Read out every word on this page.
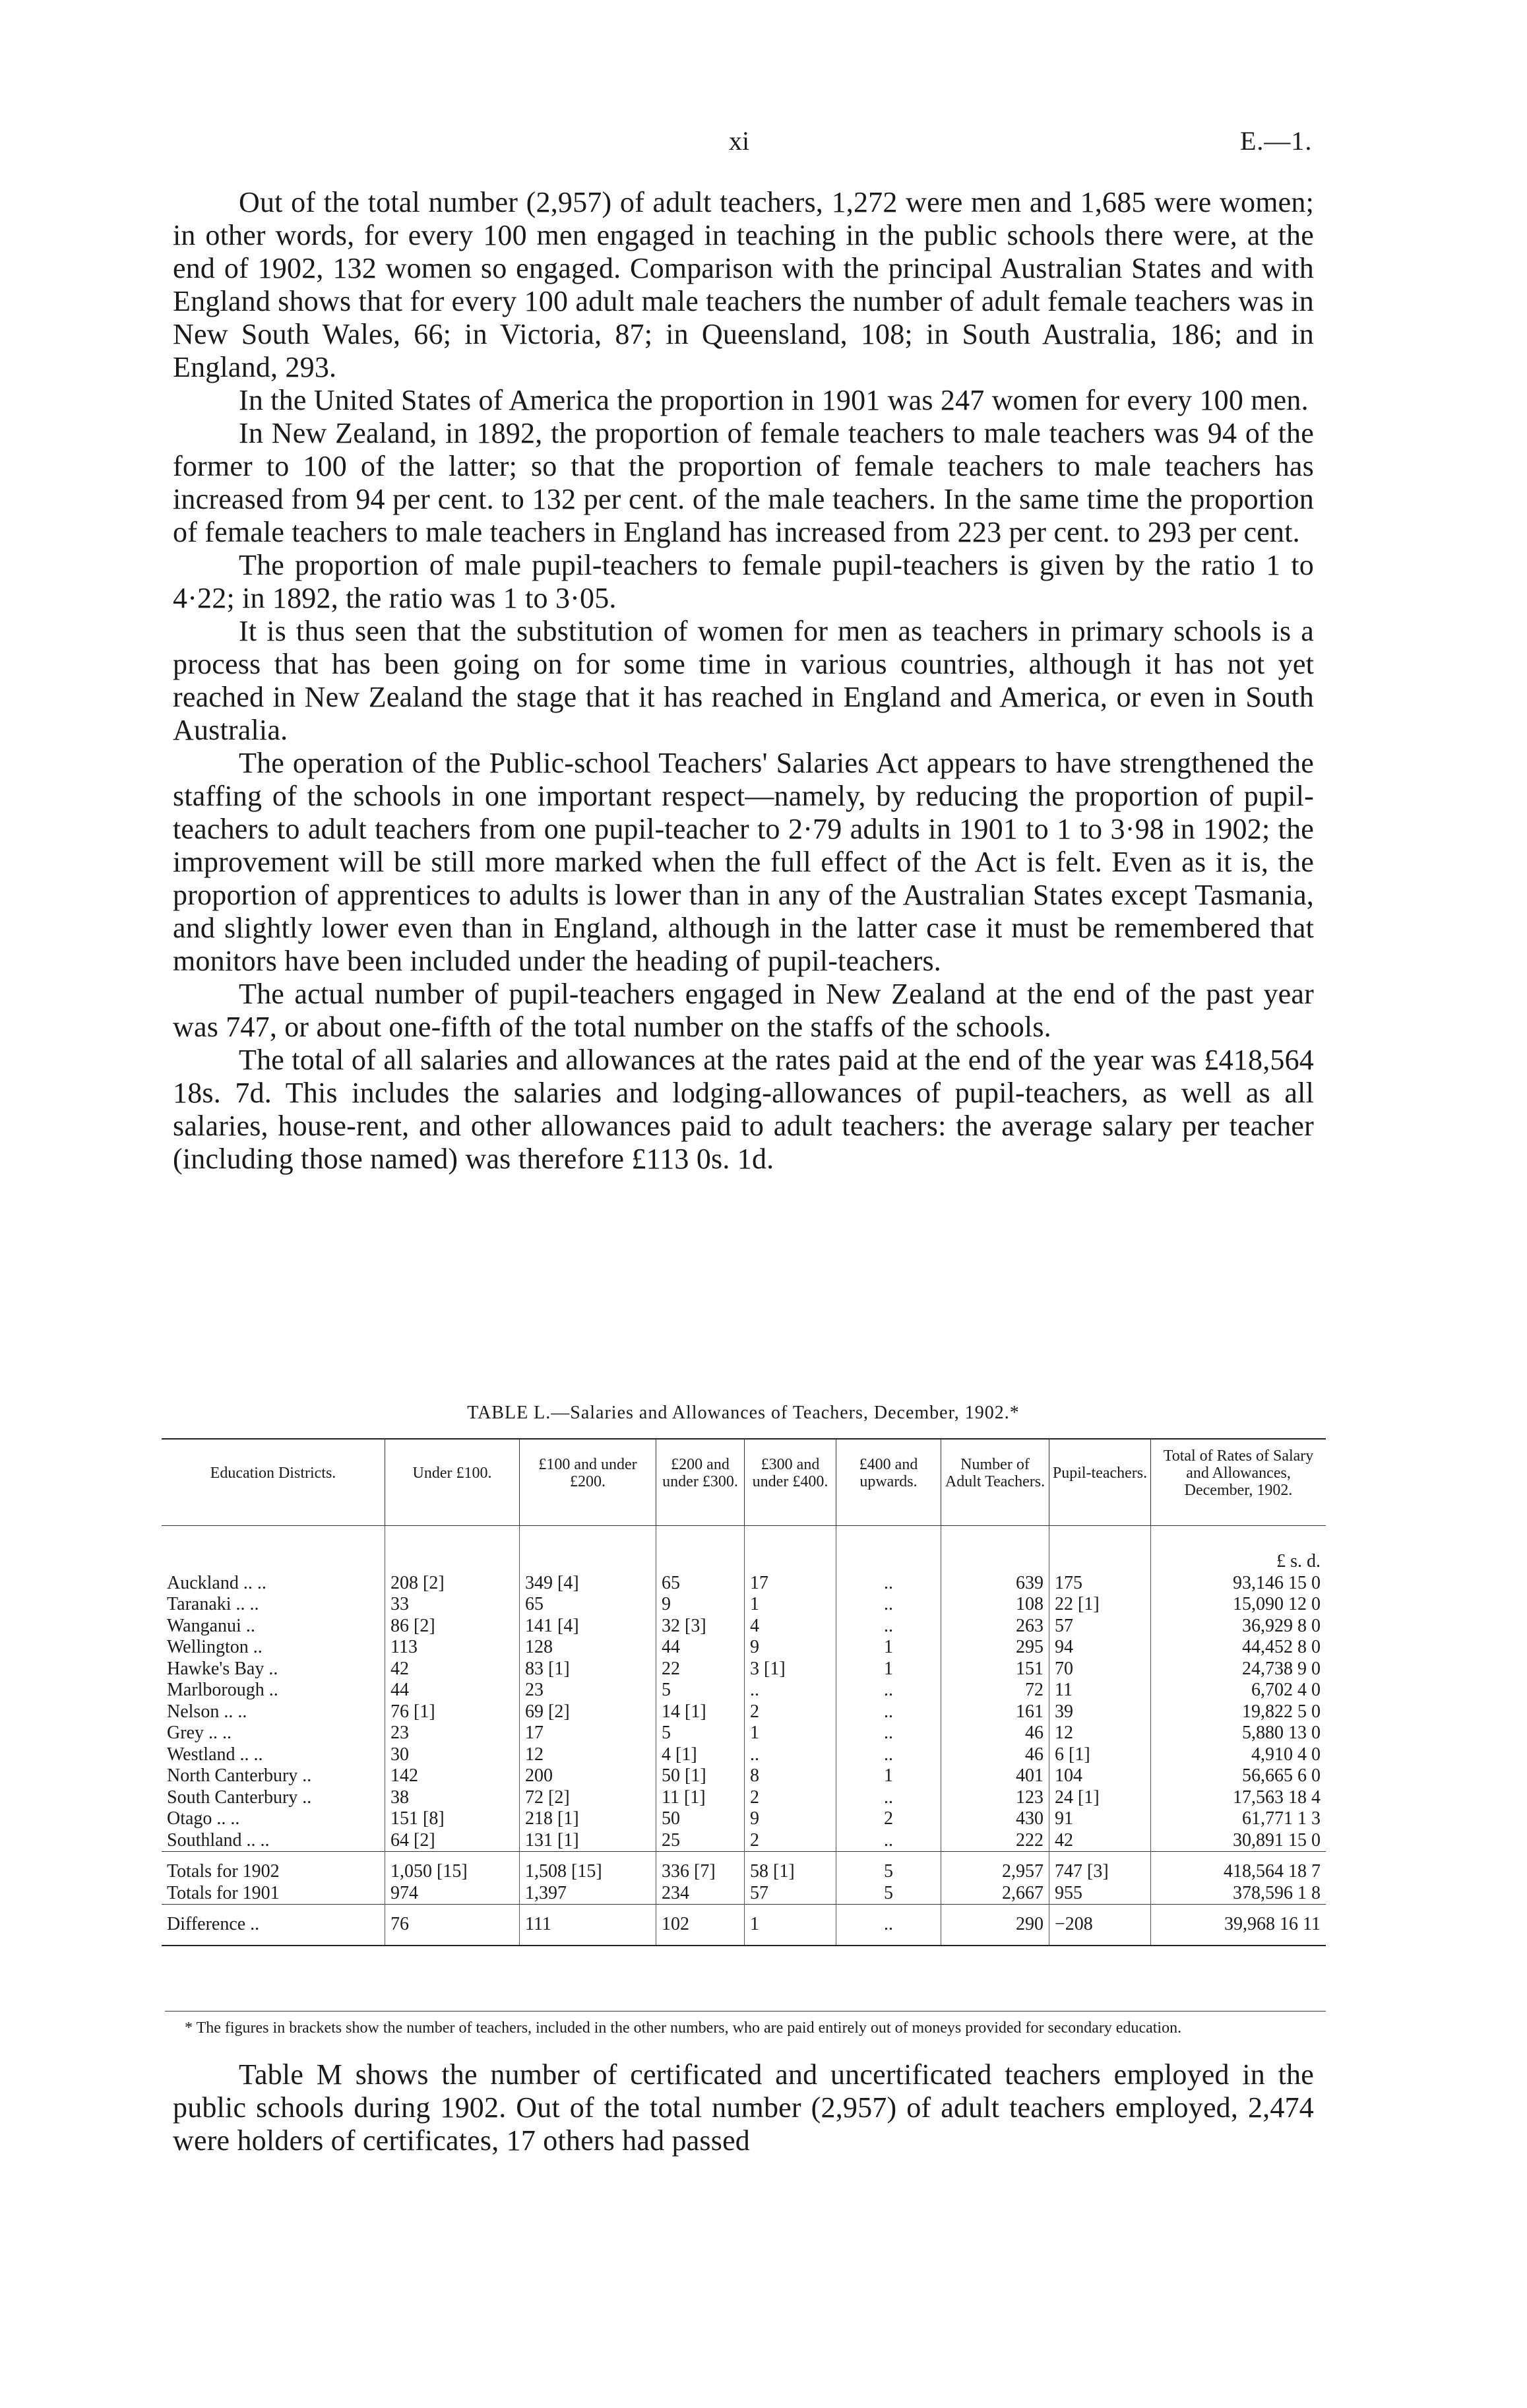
xi	E.—1.

Out of the total number (2,957) of adult teachers, 1,272 were men and 1,685 were women; in other words, for every 100 men engaged in teaching in the public schools there were, at the end of 1902, 132 women so engaged. Comparison with the principal Australian States and with England shows that for every 100 adult male teachers the number of adult female teachers was in New South Wales, 66; in Victoria, 87; in Queensland, 108; in South Australia, 186; and in England, 293.

In the United States of America the proportion in 1901 was 247 women for every 100 men.

In New Zealand, in 1892, the proportion of female teachers to male teachers was 94 of the former to 100 of the latter; so that the proportion of female teachers to male teachers has increased from 94 per cent. to 132 per cent. of the male teachers. In the same time the proportion of female teachers to male teachers in England has increased from 223 per cent. to 293 per cent.

The proportion of male pupil-teachers to female pupil-teachers is given by the ratio 1 to 4·22; in 1892, the ratio was 1 to 3·05.

It is thus seen that the substitution of women for men as teachers in primary schools is a process that has been going on for some time in various countries, although it has not yet reached in New Zealand the stage that it has reached in England and America, or even in South Australia.

The operation of the Public-school Teachers' Salaries Act appears to have strengthened the staffing of the schools in one important respect—namely, by reducing the proportion of pupil-teachers to adult teachers from one pupil-teacher to 2·79 adults in 1901 to 1 to 3·98 in 1902; the improvement will be still more marked when the full effect of the Act is felt. Even as it is, the proportion of apprentices to adults is lower than in any of the Australian States except Tasmania, and slightly lower even than in England, although in the latter case it must be remembered that monitors have been included under the heading of pupil-teachers.

The actual number of pupil-teachers engaged in New Zealand at the end of the past year was 747, or about one-fifth of the total number on the staffs of the schools.

The total of all salaries and allowances at the rates paid at the end of the year was £418,564 18s. 7d. This includes the salaries and lodging-allowances of pupil-teachers, as well as all salaries, house-rent, and other allowances paid to adult teachers: the average salary per teacher (including those named) was therefore £113 0s. 1d.

TABLE L.—Salaries and Allowances of Teachers, December, 1902.*
Education Districts.	Under £100.	£100 and under £200.	£200 and under £300.	£300 and under £400.	£400 and upwards.	Number of Adult Teachers.	Pupil-teachers.	Total of Rates of Salary and Allowances, December, 1902.
								£ s. d.
Auckland .. ..	208 [2]	349 [4]	65	17	..	639	175	93,146 15 0
Taranaki .. ..	33	65	9	1	..	108	22 [1]	15,090 12 0
Wanganui ..	86 [2]	141 [4]	32 [3]	4	..	263	57	36,929 8 0
Wellington ..	113	128	44	9	1	295	94	44,452 8 0
Hawke's Bay ..	42	83 [1]	22	3 [1]	1	151	70	24,738 9 0
Marlborough ..	44	23	5	..	..	72	11	6,702 4 0
Nelson .. ..	76 [1]	69 [2]	14 [1]	2	..	161	39	19,822 5 0
Grey .. ..	23	17	5	1	..	46	12	5,880 13 0
Westland .. ..	30	12	4 [1]	..	..	46	6 [1]	4,910 4 0
North Canterbury ..	142	200	50 [1]	8	1	401	104	56,665 6 0
South Canterbury ..	38	72 [2]	11 [1]	2	..	123	24 [1]	17,563 18 4
Otago .. ..	151 [8]	218 [1]	50	9	2	430	91	61,771 1 3
Southland .. ..	64 [2]	131 [1]	25	2	..	222	42	30,891 15 0
Totals for 1902	1,050 [15]	1,508 [15]	336 [7]	58 [1]	5	2,957	747 [3]	418,564 18 7
Totals for 1901	974	1,397	234	57	5	2,667	955	378,596 1 8
Difference ..	76	111	102	1	..	290	−208	39,968 16 11
* The figures in brackets show the number of teachers, included in the other numbers, who are paid entirely out of moneys provided for secondary education.

Table M shows the number of certificated and uncertificated teachers employed in the public schools during 1902. Out of the total number (2,957) of adult teachers employed, 2,474 were holders of certificates, 17 others had passed
